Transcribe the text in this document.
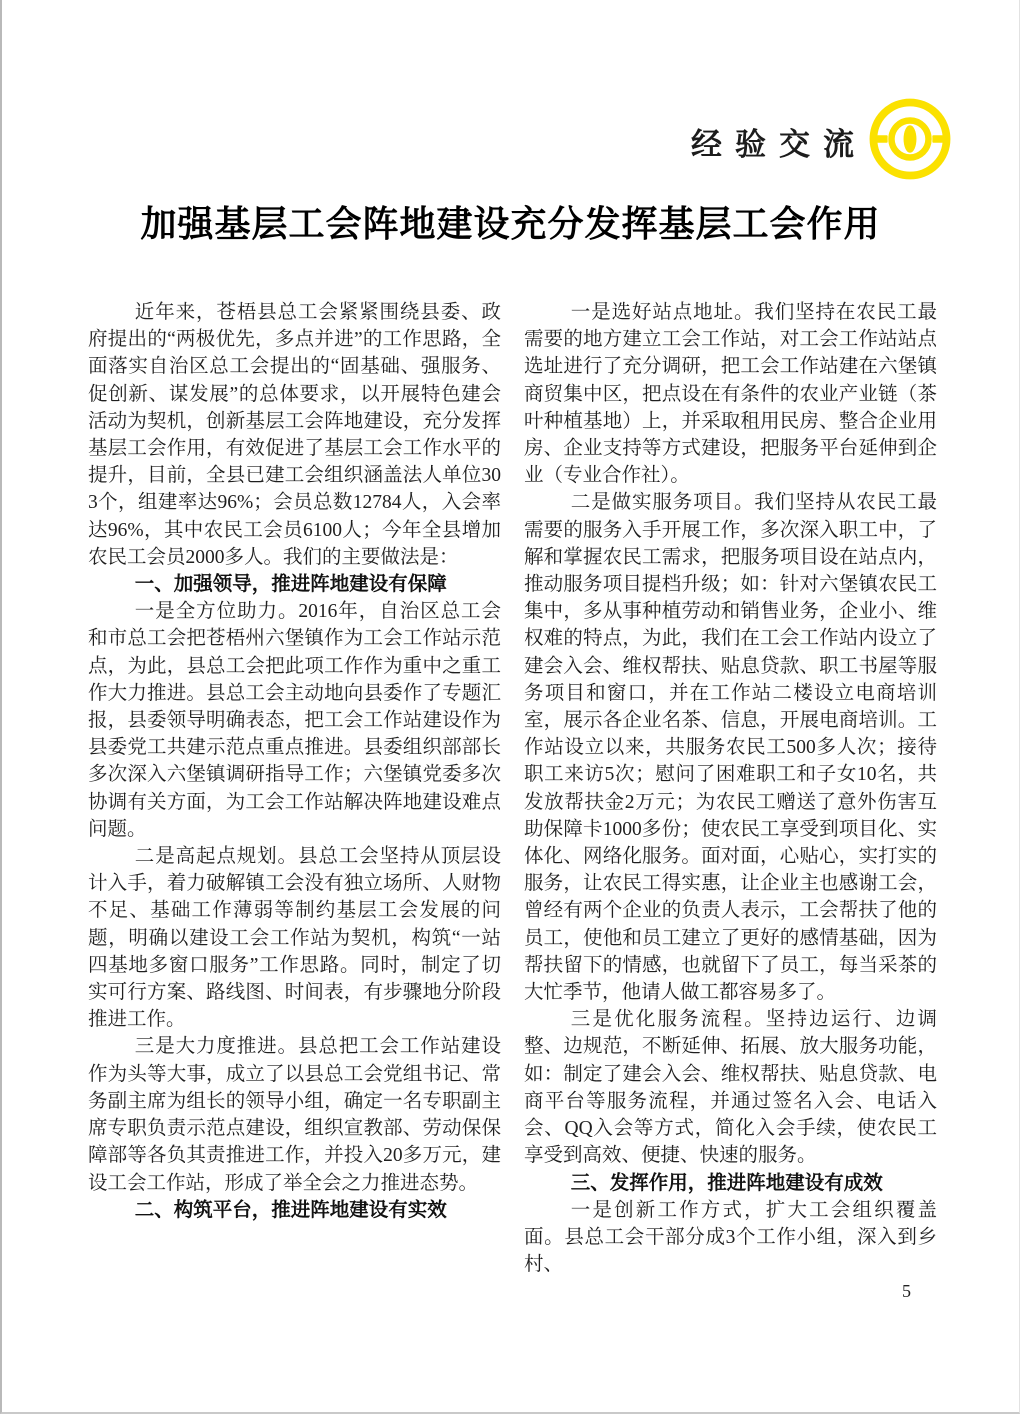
经验交流
加强基层工会阵地建设充分发挥基层工会作用

近年来，苍梧县总工会紧紧围绕县委、政府提出的“两极优先，多点并进”的工作思路，全面落实自治区总工会提出的“固基础、强服务、促创新、谋发展”的总体要求，以开展特色建会活动为契机，创新基层工会阵地建设，充分发挥基层工会作用，有效促进了基层工会工作水平的提升，目前，全县已建工会组织涵盖法人单位303个，组建率达96%；会员总数12784人，入会率达96%，其中农民工会员6100人；今年全县增加农民工会员2000多人。我们的主要做法是：

一、加强领导，推进阵地建设有保障

一是全方位助力。2016年，自治区总工会和市总工会把苍梧州六堡镇作为工会工作站示范点，为此，县总工会把此项工作作为重中之重工作大力推进。县总工会主动地向县委作了专题汇报，县委领导明确表态，把工会工作站建设作为县委党工共建示范点重点推进。县委组织部部长多次深入六堡镇调研指导工作；六堡镇党委多次协调有关方面，为工会工作站解决阵地建设难点问题。

二是高起点规划。县总工会坚持从顶层设计入手，着力破解镇工会没有独立场所、人财物不足、基础工作薄弱等制约基层工会发展的问题，明确以建设工会工作站为契机，构筑“一站四基地多窗口服务”工作思路。同时，制定了切实可行方案、路线图、时间表，有步骤地分阶段推进工作。

三是大力度推进。县总把工会工作站建设作为头等大事，成立了以县总工会党组书记、常务副主席为组长的领导小组，确定一名专职副主席专职负责示范点建设，组织宣教部、劳动保保障部等各负其责推进工作，并投入20多万元，建设工会工作站，形成了举全会之力推进态势。

二、构筑平台，推进阵地建设有实效

一是选好站点地址。我们坚持在农民工最需要的地方建立工会工作站，对工会工作站站点选址进行了充分调研，把工会工作站建在六堡镇商贸集中区，把点设在有条件的农业产业链（茶叶种植基地）上，并采取租用民房、整合企业用房、企业支持等方式建设，把服务平台延伸到企业（专业合作社）。

二是做实服务项目。我们坚持从农民工最需要的服务入手开展工作，多次深入职工中，了解和掌握农民工需求，把服务项目设在站点内，推动服务项目提档升级；如：针对六堡镇农民工集中，多从事种植劳动和销售业务，企业小、维权难的特点，为此，我们在工会工作站内设立了建会入会、维权帮扶、贴息贷款、职工书屋等服务项目和窗口，并在工作站二楼设立电商培训室，展示各企业名茶、信息，开展电商培训。工作站设立以来，共服务农民工500多人次；接待职工来访5次；慰问了困难职工和子女10名，共发放帮扶金2万元；为农民工赠送了意外伤害互助保障卡1000多份；使农民工享受到项目化、实体化、网络化服务。面对面，心贴心，实打实的服务，让农民工得实惠，让企业主也感谢工会，曾经有两个企业的负责人表示，工会帮扶了他的员工，使他和员工建立了更好的感情基础，因为帮扶留下的情感，也就留下了员工，每当采茶的大忙季节，他请人做工都容易多了。

三是优化服务流程。坚持边运行、边调整、边规范，不断延伸、拓展、放大服务功能，如：制定了建会入会、维权帮扶、贴息贷款、电商平台等服务流程，并通过签名入会、电话入会、QQ入会等方式，简化入会手续，使农民工享受到高效、便捷、快速的服务。

三、发挥作用，推进阵地建设有成效

一是创新工作方式，扩大工会组织覆盖面。县总工会干部分成3个工作小组，深入到乡村、

5
